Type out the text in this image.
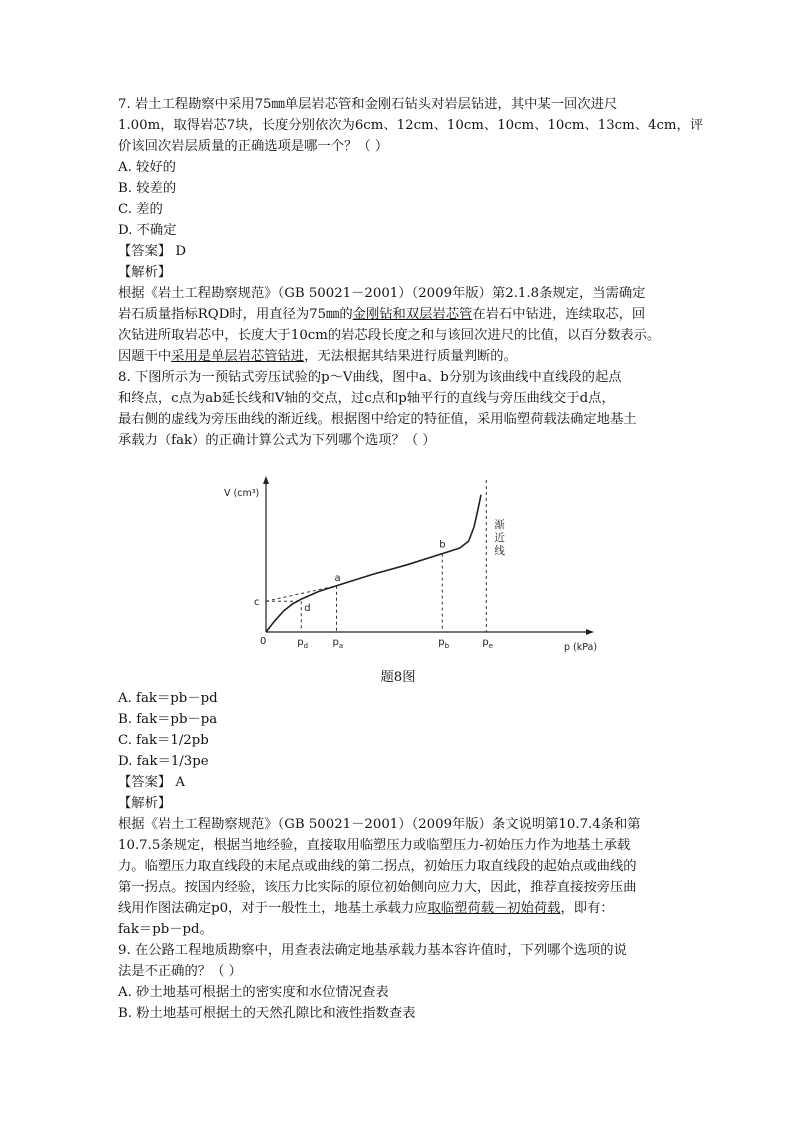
7. 岩土工程勘察中采用75㎜单层岩芯管和金刚石钻头对岩层钻进，其中某一回次进尺
1.00m，取得岩芯7块，长度分别依次为6cm、12cm、10cm、10cm、10cm、13cm、4cm，评
价该回次岩层质量的正确选项是哪一个？（ ）
A. 较好的
B. 较差的
C. 差的
D. 不确定
【答案】 D
【解析】
根据《岩土工程勘察规范》（GB 50021－2001）（2009年版）第2.1.8条规定，当需确定
岩石质量指标RQD时，用直径为75㎜的金刚钻和双层岩芯管在岩石中钻进，连续取芯，回
次钻进所取岩芯中，长度大于10cm的岩芯段长度之和与该回次进尺的比值，以百分数表示。
因题干中采用是单层岩芯管钻进，无法根据其结果进行质量判断的。
8. 下图所示为一预钻式旁压试验的p～V曲线，图中a、b分别为该曲线中直线段的起点
和终点，c点为ab延长线和V轴的交点，过c点和p轴平行的直线与旁压曲线交于d点，
最右侧的虚线为旁压曲线的渐近线。根据图中给定的特征值，采用临塑荷载法确定地基土
承载力（fak）的正确计算公式为下列哪个选项？（ ）
V (cm³)
p (kPa)
0
渐
近
线
a
b
c
d
$p_d$ $p_a$	$p_b$	$p_e$
题8图
A. fak＝pb－pd
B. fak＝pb－pa
C. fak＝1/2pb
D. fak＝1/3pe
【答案】 A
【解析】
根据《岩土工程勘察规范》（GB 50021－2001）（2009年版）条文说明第10.7.4条和第
10.7.5条规定，根据当地经验，直接取用临塑压力或临塑压力-初始压力作为地基土承载
力。临塑压力取直线段的末尾点或曲线的第二拐点，初始压力取直线段的起始点或曲线的
第一拐点。按国内经验，该压力比实际的原位初始侧向应力大，因此，推荐直接按旁压曲
线用作图法确定p0，对于一般性土，地基土承载力应取临塑荷载－初始荷载，即有：
fak＝pb－pd。
9. 在公路工程地质勘察中，用查表法确定地基承载力基本容许值时，下列哪个选项的说
法是不正确的？（ ）
A. 砂土地基可根据土的密实度和水位情况查表
B. 粉土地基可根据土的天然孔隙比和液性指数查表
